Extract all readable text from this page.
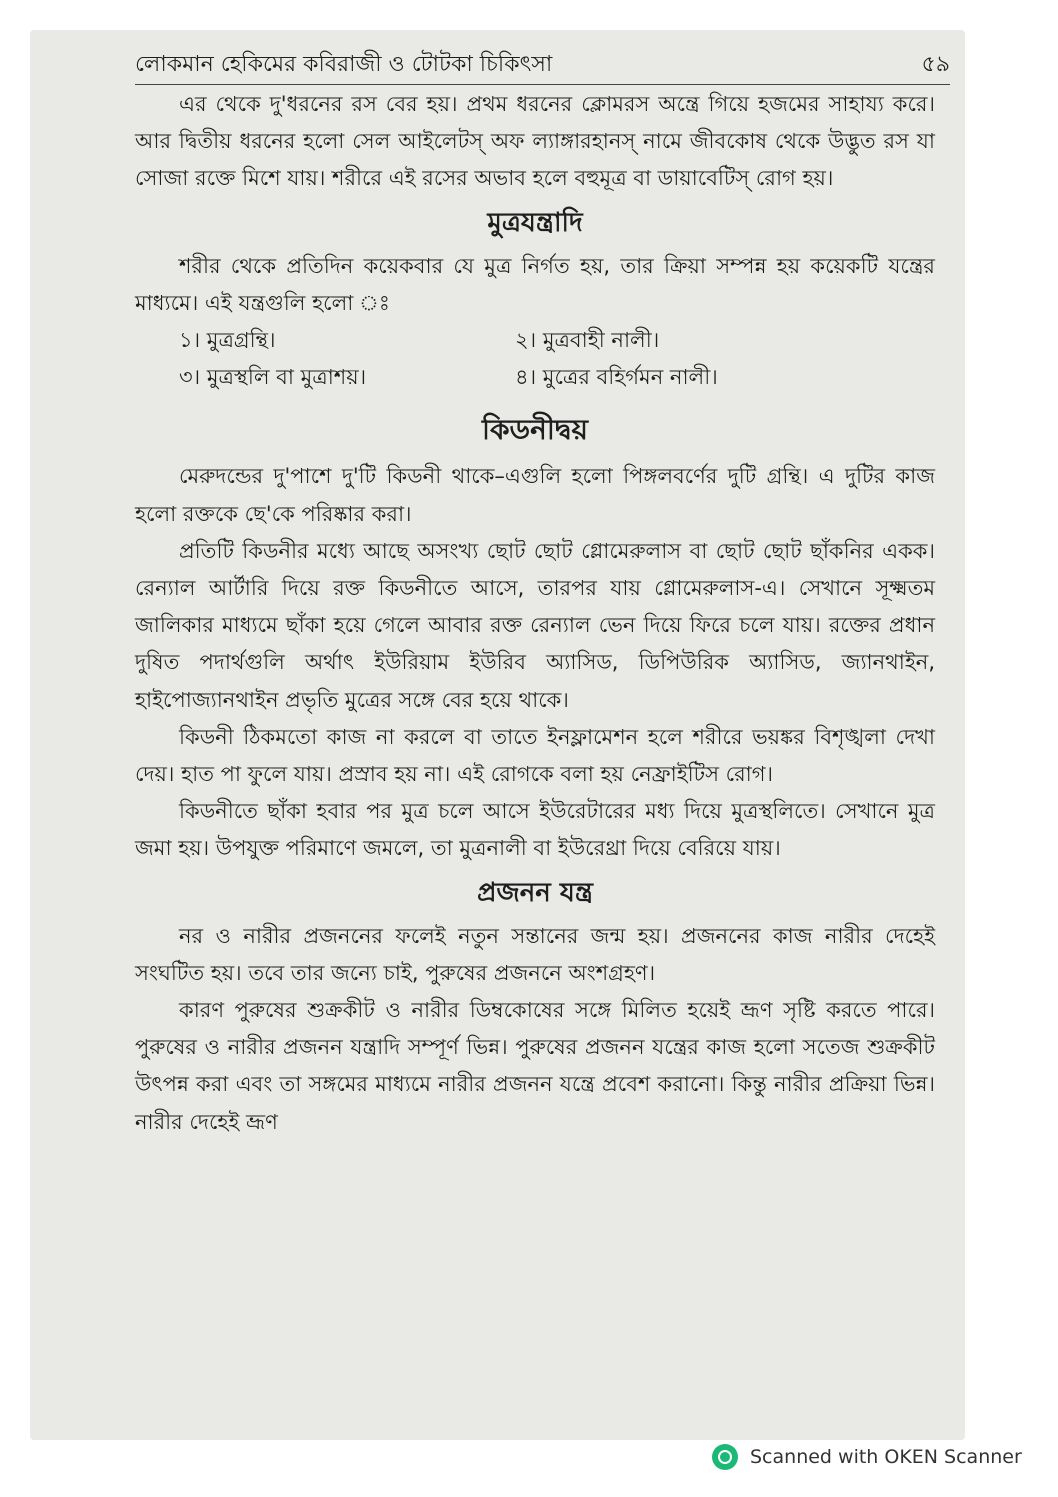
লোকমান হেকিমের কবিরাজী ও টোটকা চিকিৎসা	৫৯

এর থেকে দু'ধরনের রস বের হয়। প্রথম ধরনের ক্লোমরস অন্ত্রে গিয়ে হজমের সাহায্য করে। আর দ্বিতীয় ধরনের হলো সেল আইলেটস্ অফ ল্যাঙ্গারহানস্ নামে জীবকোষ থেকে উদ্ভুত রস যা সোজা রক্তে মিশে যায়। শরীরে এই রসের অভাব হলে বহুমূত্র বা ডায়াবেটিস্ রোগ হয়।

মুত্রযন্ত্রাদি

শরীর থেকে প্রতিদিন কয়েকবার যে মুত্র নির্গত হয়, তার ক্রিয়া সম্পন্ন হয় কয়েকটি যন্ত্রের মাধ্যমে। এই যন্ত্রগুলি হলো ঃ

১। মুত্রগ্রন্থি।	২। মুত্রবাহী নালী।
৩। মুত্রস্থলি বা মুত্রাশয়।	৪। মুত্রের বহির্গমন নালী।
কিডনীদ্বয়

মেরুদন্ডের দু'পাশে দু'টি কিডনী থাকে–এগুলি হলো পিঙ্গলবর্ণের দুটি গ্রন্থি। এ দুটির কাজ হলো রক্তকে ছে'কে পরিষ্কার করা।

প্রতিটি কিডনীর মধ্যে আছে অসংখ্য ছোট ছোট গ্লোমেরুলাস বা ছোট ছোট ছাঁকনির একক। রেন্যাল আর্টারি দিয়ে রক্ত কিডনীতে আসে, তারপর যায় গ্লোমেরুলাস-এ। সেখানে সূক্ষ্মতম জালিকার মাধ্যমে ছাঁকা হয়ে গেলে আবার রক্ত রেন্যাল ভেন দিয়ে ফিরে চলে যায়। রক্তের প্রধান দুষিত পদার্থগুলি অর্থাৎ ইউরিয়াম ইউরিব অ্যাসিড, ডিপিউরিক অ্যাসিড, জ্যানথাইন, হাইপোজ্যানথাইন প্রভৃতি মুত্রের সঙ্গে বের হয়ে থাকে।

কিডনী ঠিকমতো কাজ না করলে বা তাতে ইনফ্লামেশন হলে শরীরে ভয়ঙ্কর বিশৃঙ্খলা দেখা দেয়। হাত পা ফুলে যায়। প্রস্রাব হয় না। এই রোগকে বলা হয় নেফ্রাইটিস রোগ।

কিডনীতে ছাঁকা হবার পর মুত্র চলে আসে ইউরেটারের মধ্য দিয়ে মুত্রস্থলিতে। সেখানে মুত্র জমা হয়। উপযুক্ত পরিমাণে জমলে, তা মুত্রনালী বা ইউরেথ্রা দিয়ে বেরিয়ে যায়।

প্রজনন যন্ত্র

নর ও নারীর প্রজননের ফলেই নতুন সন্তানের জন্ম হয়। প্রজননের কাজ নারীর দেহেই সংঘটিত হয়। তবে তার জন্যে চাই, পুরুষের প্রজননে অংশগ্রহণ।

কারণ পুরুষের শুক্রকীট ও নারীর ডিম্বকোষের সঙ্গে মিলিত হয়েই ভ্রূণ সৃষ্টি করতে পারে। পুরুষের ও নারীর প্রজনন যন্ত্রাদি সম্পূর্ণ ভিন্ন। পুরুষের প্রজনন যন্ত্রের কাজ হলো সতেজ শুক্রকীট উৎপন্ন করা এবং তা সঙ্গমের মাধ্যমে নারীর প্রজনন যন্ত্রে প্রবেশ করানো। কিন্তু নারীর প্রক্রিয়া ভিন্ন। নারীর দেহেই ভ্রূণ

Scanned with OKEN Scanner
